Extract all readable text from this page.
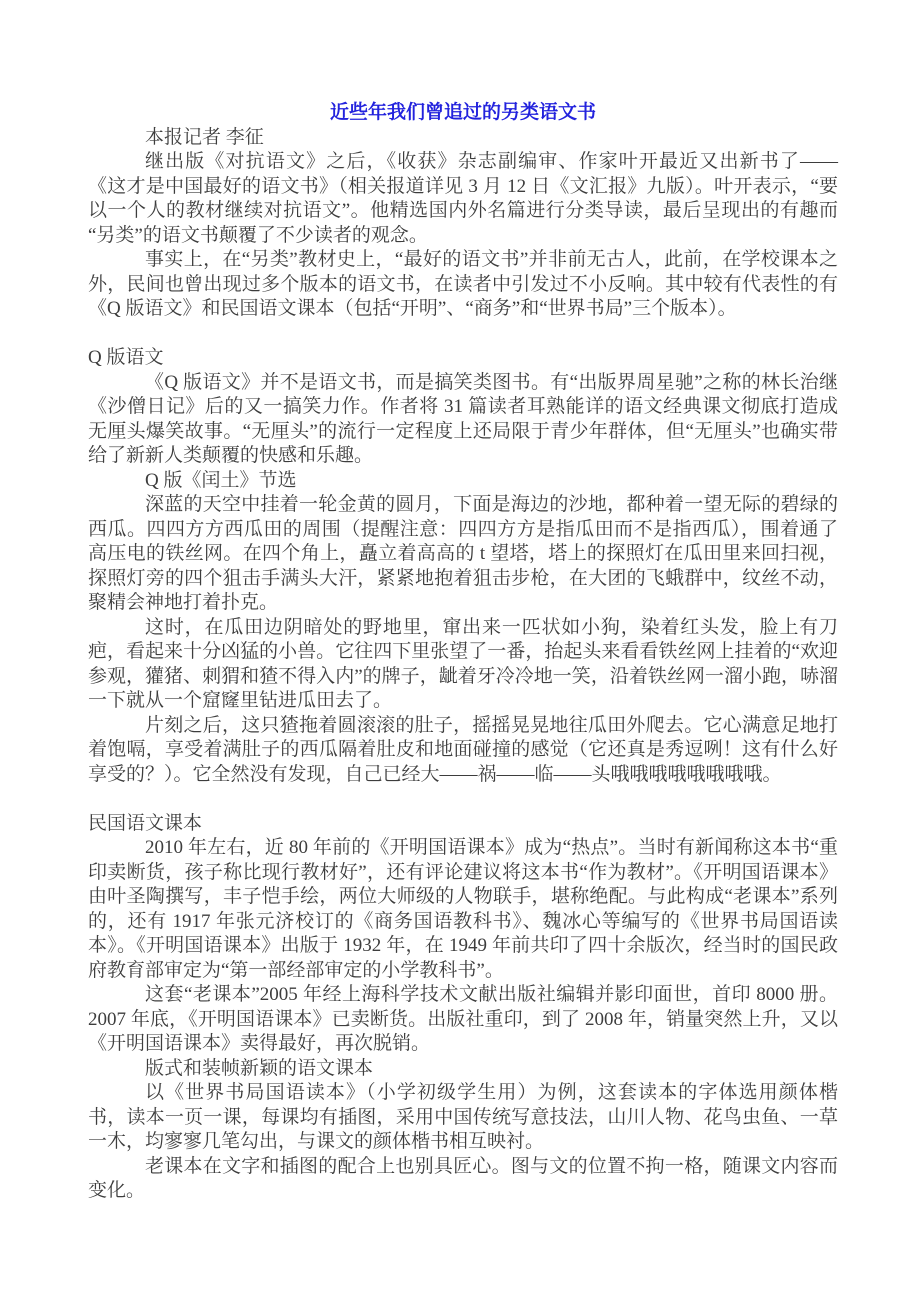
近些年我们曾追过的另类语文书

本报记者 李征

继出版《对抗语文》之后，《收获》杂志副编审、作家叶开最近又出新书了——《这才是中国最好的语文书》（相关报道详见 3 月 12 日《文汇报》九版）。叶开表示，“要以一个人的教材继续对抗语文”。他精选国内外名篇进行分类导读，最后呈现出的有趣而“另类”的语文书颠覆了不少读者的观念。

事实上，在“另类”教材史上，“最好的语文书”并非前无古人，此前，在学校课本之外，民间也曾出现过多个版本的语文书，在读者中引发过不小反响。其中较有代表性的有《Q 版语文》和民国语文课本（包括“开明”、“商务”和“世界书局”三个版本）。

Q 版语文

《Q 版语文》并不是语文书，而是搞笑类图书。有“出版界周星驰”之称的林长治继《沙僧日记》后的又一搞笑力作。作者将 31 篇读者耳熟能详的语文经典课文彻底打造成无厘头爆笑故事。“无厘头”的流行一定程度上还局限于青少年群体，但“无厘头”也确实带给了新新人类颠覆的快感和乐趣。

Q 版《闰土》节选

深蓝的天空中挂着一轮金黄的圆月，下面是海边的沙地，都种着一望无际的碧绿的西瓜。四四方方西瓜田的周围（提醒注意：四四方方是指瓜田而不是指西瓜），围着通了高压电的铁丝网。在四个角上，矗立着高高的 t 望塔，塔上的探照灯在瓜田里来回扫视，探照灯旁的四个狙击手满头大汗，紧紧地抱着狙击步枪，在大团的飞蛾群中，纹丝不动，聚精会神地打着扑克。

这时，在瓜田边阴暗处的野地里，窜出来一匹状如小狗，染着红头发，脸上有刀疤，看起来十分凶猛的小兽。它往四下里张望了一番，抬起头来看看铁丝网上挂着的“欢迎参观，獾猪、刺猬和猹不得入内”的牌子，龇着牙冷冷地一笑，沿着铁丝网一溜小跑，哧溜一下就从一个窟窿里钻进瓜田去了。

片刻之后，这只猹拖着圆滚滚的肚子，摇摇晃晃地往瓜田外爬去。它心满意足地打着饱嗝，享受着满肚子的西瓜隔着肚皮和地面碰撞的感觉（它还真是秀逗咧！这有什么好享受的？）。它全然没有发现，自己已经大——祸——临——头哦哦哦哦哦哦哦哦。

民国语文课本

2010 年左右，近 80 年前的《开明国语课本》成为“热点”。当时有新闻称这本书“重印卖断货，孩子称比现行教材好”，还有评论建议将这本书“作为教材”。《开明国语课本》由叶圣陶撰写，丰子恺手绘，两位大师级的人物联手，堪称绝配。与此构成“老课本”系列的，还有 1917 年张元济校订的《商务国语教科书》、魏冰心等编写的《世界书局国语读本》。《开明国语课本》出版于 1932 年，在 1949 年前共印了四十余版次，经当时的国民政府教育部审定为“第一部经部审定的小学教科书”。

这套“老课本”2005 年经上海科学技术文献出版社编辑并影印面世，首印 8000 册。2007 年底，《开明国语课本》已卖断货。出版社重印，到了 2008 年，销量突然上升，又以《开明国语课本》卖得最好，再次脱销。

版式和装帧新颖的语文课本

以《世界书局国语读本》（小学初级学生用）为例，这套读本的字体选用颜体楷书，读本一页一课，每课均有插图，采用中国传统写意技法，山川人物、花鸟虫鱼、一草一木，均寥寥几笔勾出，与课文的颜体楷书相互映衬。

老课本在文字和插图的配合上也别具匠心。图与文的位置不拘一格，随课文内容而变化。
